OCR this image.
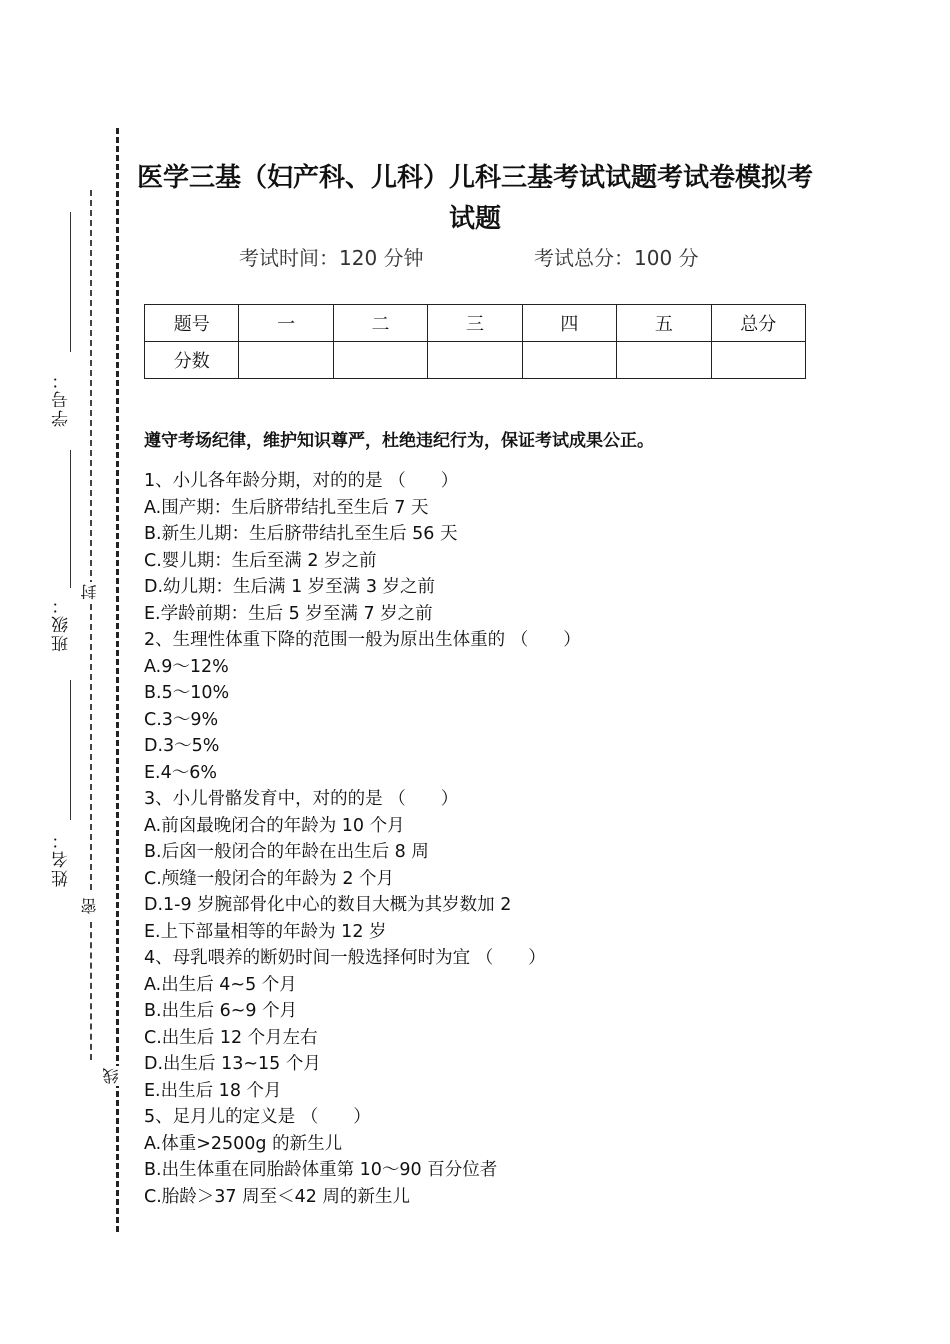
学号：
班级：
姓名：
封
密
线
医学三基（妇产科、儿科）儿科三基考试试题考试卷模拟考试题
考试时间：120 分钟	考试总分：100 分
题号	一	二	三	四	五	总分
分数						
遵守考场纪律，维护知识尊严，杜绝违纪行为，保证考试成果公正。
1、小儿各年龄分期，对的的是 （　　）
A.围产期：生后脐带结扎至生后 7 天
B.新生儿期：生后脐带结扎至生后 56 天
C.婴儿期：生后至满 2 岁之前
D.幼儿期：生后满 1 岁至满 3 岁之前
E.学龄前期：生后 5 岁至满 7 岁之前
2、生理性体重下降的范围一般为原出生体重的 （　　）
A.9～12%
B.5～10%
C.3～9%
D.3～5%
E.4～6%
3、小儿骨骼发育中，对的的是 （　　）
A.前囟最晚闭合的年龄为 10 个月
B.后囟一般闭合的年龄在出生后 8 周
C.颅缝一般闭合的年龄为 2 个月
D.1-9 岁腕部骨化中心的数目大概为其岁数加 2
E.上下部量相等的年龄为 12 岁
4、母乳喂养的断奶时间一般选择何时为宜 （　　）
A.出生后 4~5 个月
B.出生后 6~9 个月
C.出生后 12 个月左右
D.出生后 13~15 个月
E.出生后 18 个月
5、足月儿的定义是 （　　）
A.体重>2500g 的新生儿
B.出生体重在同胎龄体重第 10～90 百分位者
C.胎龄＞37 周至＜42 周的新生儿
